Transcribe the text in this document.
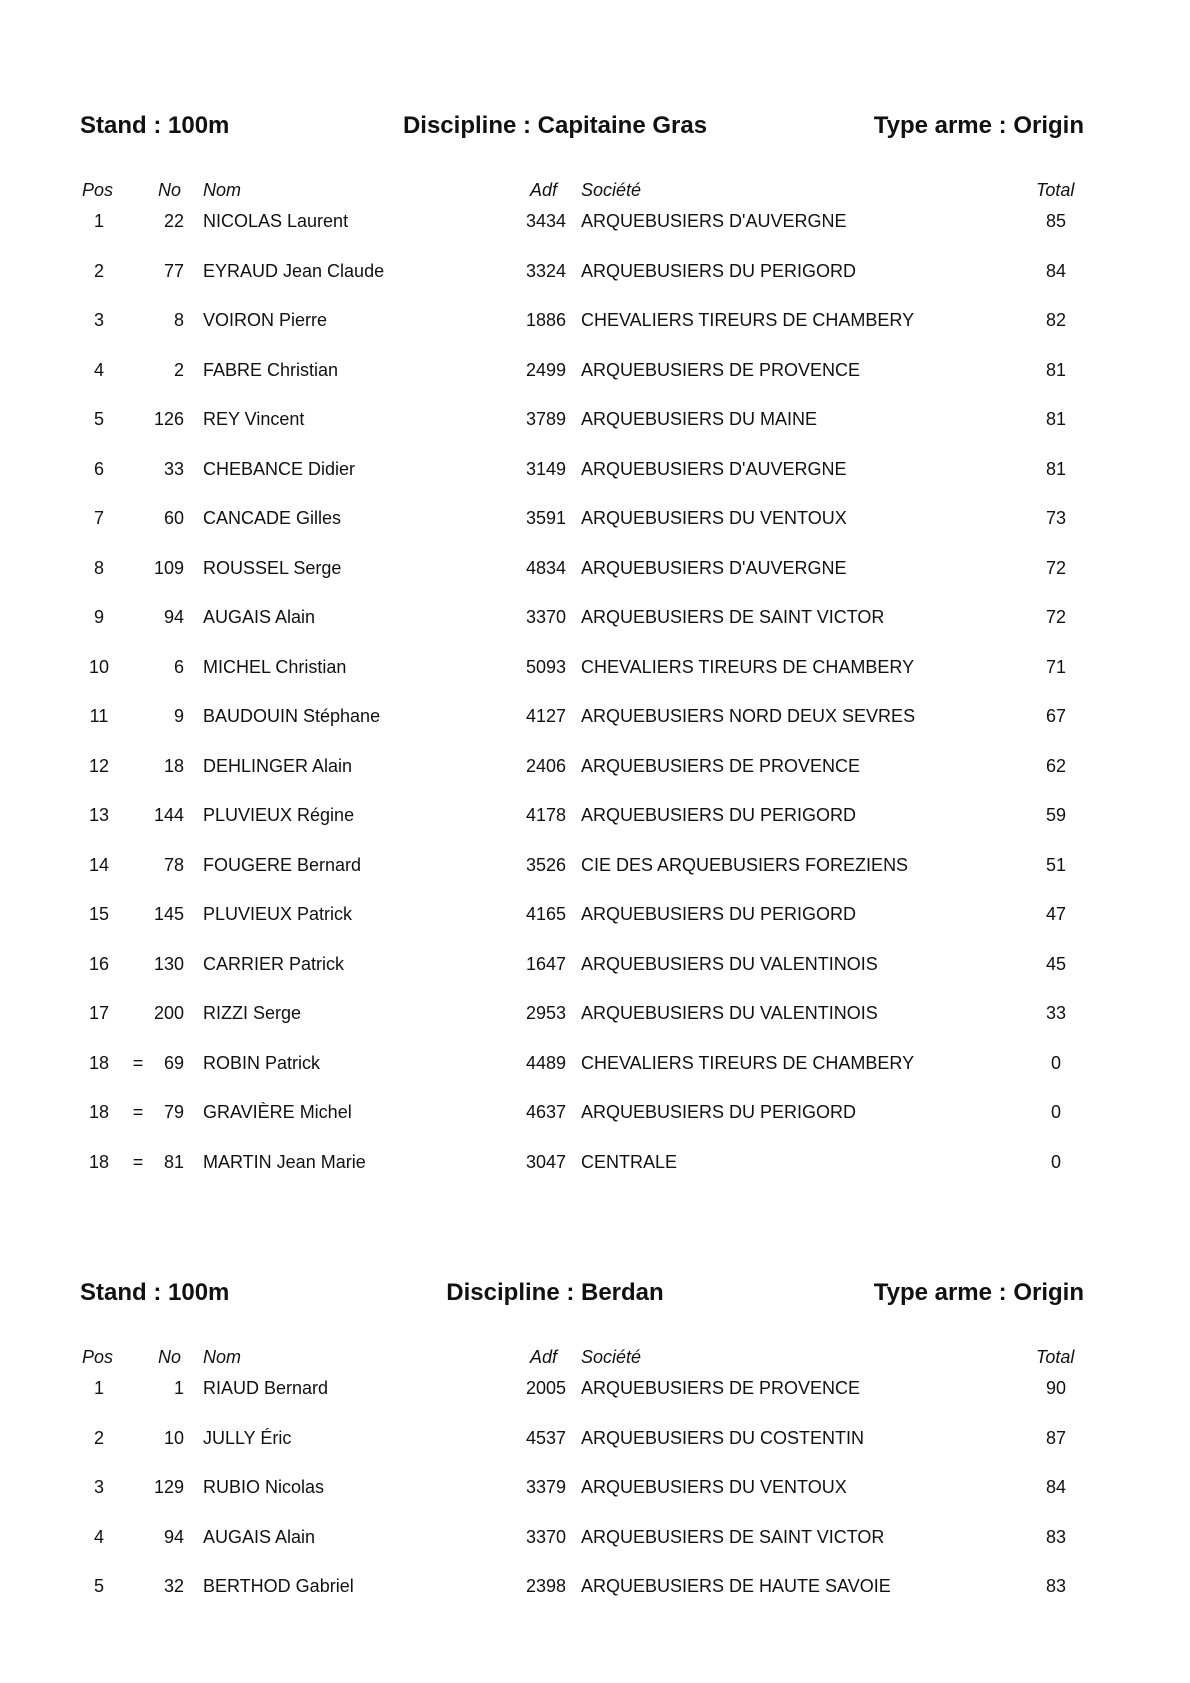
Stand : 100m	Discipline : Capitaine Gras	Type arme : Origin
Pos No Nom	Adf Société	Total
1	22 NICOLAS Laurent	3434 ARQUEBUSIERS D'AUVERGNE	85
2	77 EYRAUD Jean Claude	3324 ARQUEBUSIERS DU PERIGORD	84
3	8 VOIRON Pierre	1886 CHEVALIERS TIREURS DE CHAMBERY	82
4	2 FABRE Christian	2499 ARQUEBUSIERS DE PROVENCE	81
5	126 REY Vincent	3789 ARQUEBUSIERS DU MAINE	81
6	33 CHEBANCE Didier	3149 ARQUEBUSIERS D'AUVERGNE	81
7	60 CANCADE Gilles	3591 ARQUEBUSIERS DU VENTOUX	73
8	109 ROUSSEL Serge	4834 ARQUEBUSIERS D'AUVERGNE	72
9	94 AUGAIS Alain	3370 ARQUEBUSIERS DE SAINT VICTOR	72
10	6 MICHEL Christian	5093 CHEVALIERS TIREURS DE CHAMBERY	71
11	9 BAUDOUIN Stéphane	4127 ARQUEBUSIERS NORD DEUX SEVRES	67
12	18 DEHLINGER Alain	2406 ARQUEBUSIERS DE PROVENCE	62
13	144 PLUVIEUX Régine	4178 ARQUEBUSIERS DU PERIGORD	59
14	78 FOUGERE Bernard	3526 CIE DES ARQUEBUSIERS FOREZIENS	51
15	145 PLUVIEUX Patrick	4165 ARQUEBUSIERS DU PERIGORD	47
16	130 CARRIER Patrick	1647 ARQUEBUSIERS DU VALENTINOIS	45
17	200 RIZZI Serge	2953 ARQUEBUSIERS DU VALENTINOIS	33
18	=	69 ROBIN Patrick	4489 CHEVALIERS TIREURS DE CHAMBERY	0
18	=	79 GRAVIÈRE Michel	4637 ARQUEBUSIERS DU PERIGORD	0
18	=	81 MARTIN Jean Marie	3047 CENTRALE	0
Stand : 100m	Discipline : Berdan	Type arme : Origin
Pos No Nom	Adf Société	Total
1	1 RIAUD Bernard	2005 ARQUEBUSIERS DE PROVENCE	90
2	10 JULLY Éric	4537 ARQUEBUSIERS DU COSTENTIN	87
3	129 RUBIO Nicolas	3379 ARQUEBUSIERS DU VENTOUX	84
4	94 AUGAIS Alain	3370 ARQUEBUSIERS DE SAINT VICTOR	83
5	32 BERTHOD Gabriel	2398 ARQUEBUSIERS DE HAUTE SAVOIE	83
